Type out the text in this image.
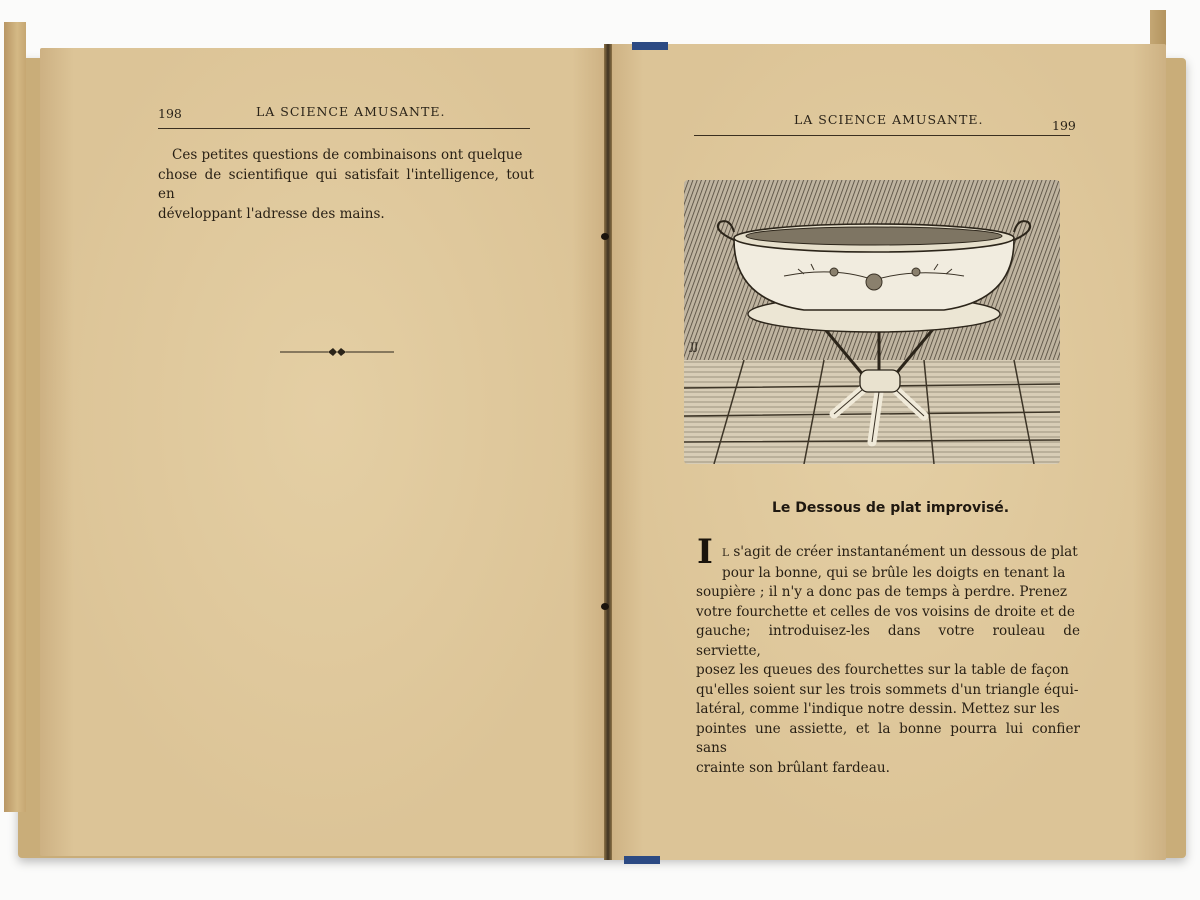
198	LA SCIENCE AMUSANTE.
Ces petites questions de combinaisons ont quelque
chose de scientifique qui satisfait l'intelligence, tout en
développant l'adresse des mains.
LA SCIENCE AMUSANTE.	199
JJ
Le Dessous de plat improvisé.
I L s'agit de créer instantanément un dessous de plat
pour la bonne, qui se brûle les doigts en tenant la
soupière ; il n'y a donc pas de temps à perdre. Prenez
votre fourchette et celles de vos voisins de droite et de
gauche; introduisez-les dans votre rouleau de serviette,
posez les queues des fourchettes sur la table de façon
qu'elles soient sur les trois sommets d'un triangle équi-
latéral, comme l'indique notre dessin. Mettez sur les
pointes une assiette, et la bonne pourra lui confier sans
crainte son brûlant fardeau.
